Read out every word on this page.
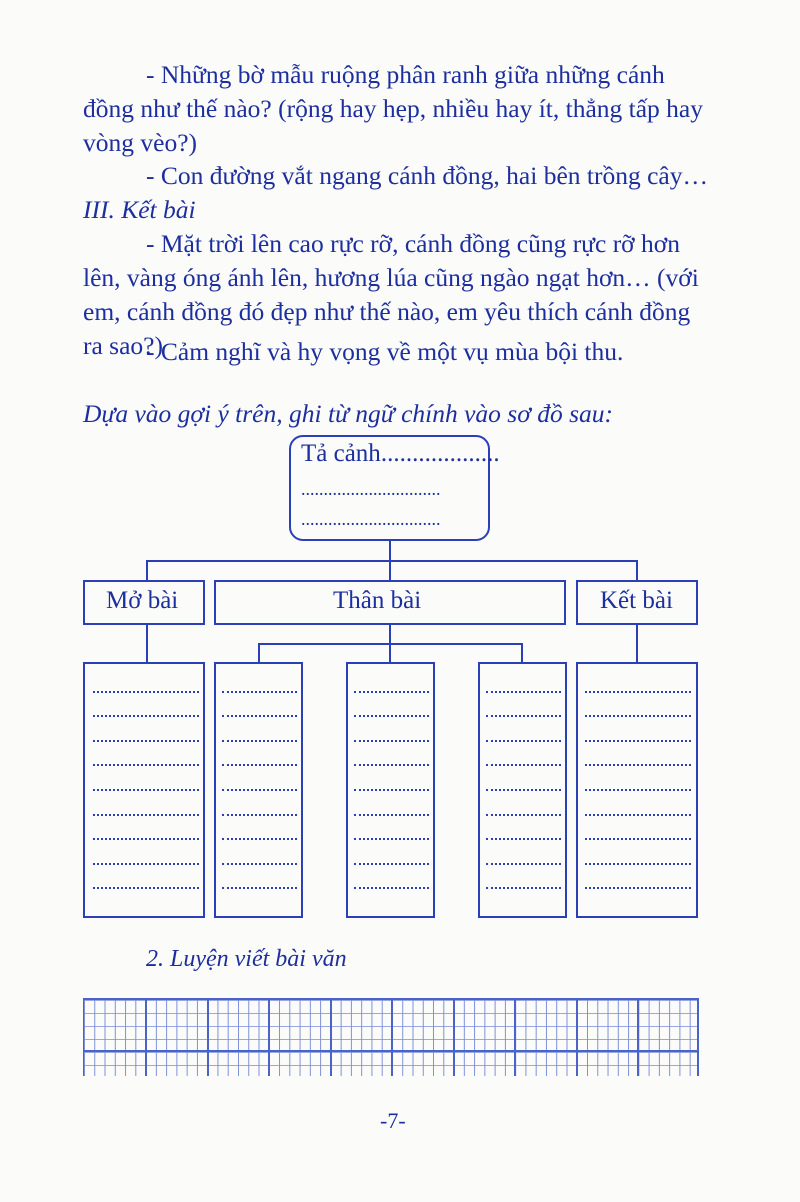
- Những bờ mẫu ruộng phân ranh giữa những cánh
đồng như thế nào? (rộng hay hẹp, nhiều hay ít, thẳng tấp hay
vòng vèo?)
- Con đường vắt ngang cánh đồng, hai bên trồng cây…
III. Kết bài
- Mặt trời lên cao rực rỡ, cánh đồng cũng rực rỡ hơn
lên, vàng óng ánh lên, hương lúa cũng ngào ngạt hơn… (với
em, cánh đồng đó đẹp như thế nào, em yêu thích cánh đồng
ra sao?)
- Cảm nghĩ và hy vọng về một vụ mùa bội thu.
Dựa vào gợi ý trên, ghi từ ngữ chính vào sơ đồ sau:
Tả cảnh...................
...............................
...............................
Mở bài	Thân bài	Kết bài
2. Luyện viết bài văn
-7-
